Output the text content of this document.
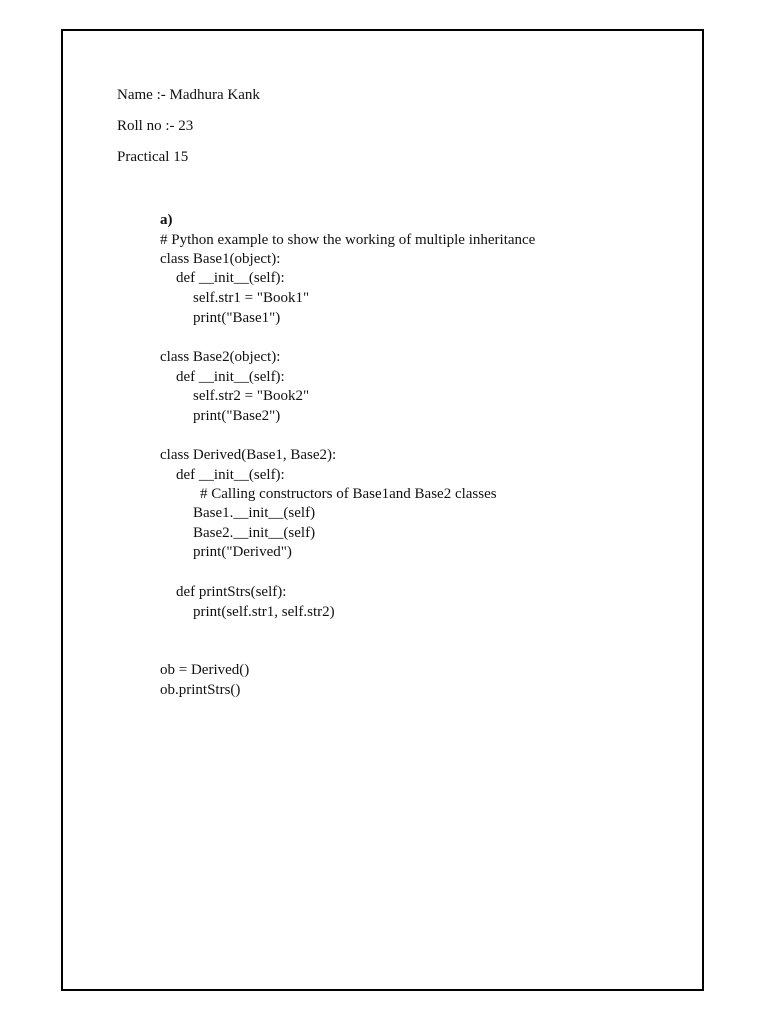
Name :- Madhura Kank
Roll no :- 23
Practical 15
a)
# Python example to show the working of multiple inheritance
class Base1(object):
def __init__(self):
self.str1 = "Book1"
print("Base1")
class Base2(object):
def __init__(self):
self.str2 = "Book2"
print("Base2")
class Derived(Base1, Base2):
def __init__(self):
# Calling constructors of Base1and Base2 classes
Base1.__init__(self)
Base2.__init__(self)
print("Derived")
def printStrs(self):
print(self.str1, self.str2)
ob = Derived()
ob.printStrs()
